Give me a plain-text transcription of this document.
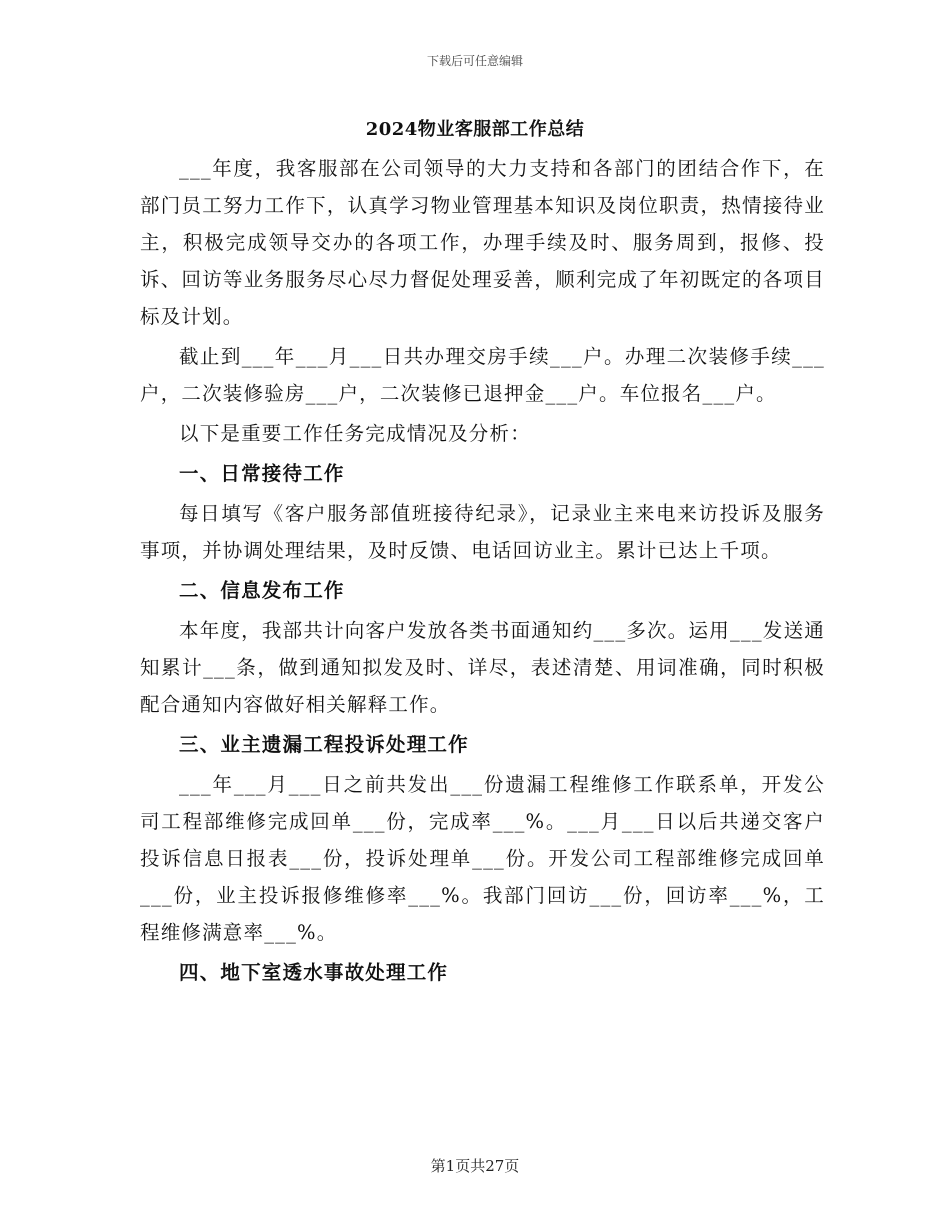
下载后可任意编辑
2024物业客服部工作总结

___年度，我客服部在公司领导的大力支持和各部门的团结合作下，在部门员工努力工作下，认真学习物业管理基本知识及岗位职责，热情接待业主，积极完成领导交办的各项工作，办理手续及时、服务周到，报修、投诉、回访等业务服务尽心尽力督促处理妥善，顺利完成了年初既定的各项目标及计划。

截止到___年___月___日共办理交房手续___户。办理二次装修手续___户，二次装修验房___户，二次装修已退押金___户。车位报名___户。

以下是重要工作任务完成情况及分析：

一、日常接待工作

每日填写《客户服务部值班接待纪录》，记录业主来电来访投诉及服务事项，并协调处理结果，及时反馈、电话回访业主。累计已达上千项。

二、信息发布工作

本年度，我部共计向客户发放各类书面通知约___多次。运用___发送通知累计___条，做到通知拟发及时、详尽，表述清楚、用词准确，同时积极配合通知内容做好相关解释工作。

三、业主遗漏工程投诉处理工作

___年___月___日之前共发出___份遗漏工程维修工作联系单，开发公司工程部维修完成回单___份，完成率___%。___月___日以后共递交客户投诉信息日报表___份，投诉处理单___份。开发公司工程部维修完成回单___份，业主投诉报修维修率___%。我部门回访___份，回访率___%，工程维修满意率___%。

四、地下室透水事故处理工作
第1页共27页
